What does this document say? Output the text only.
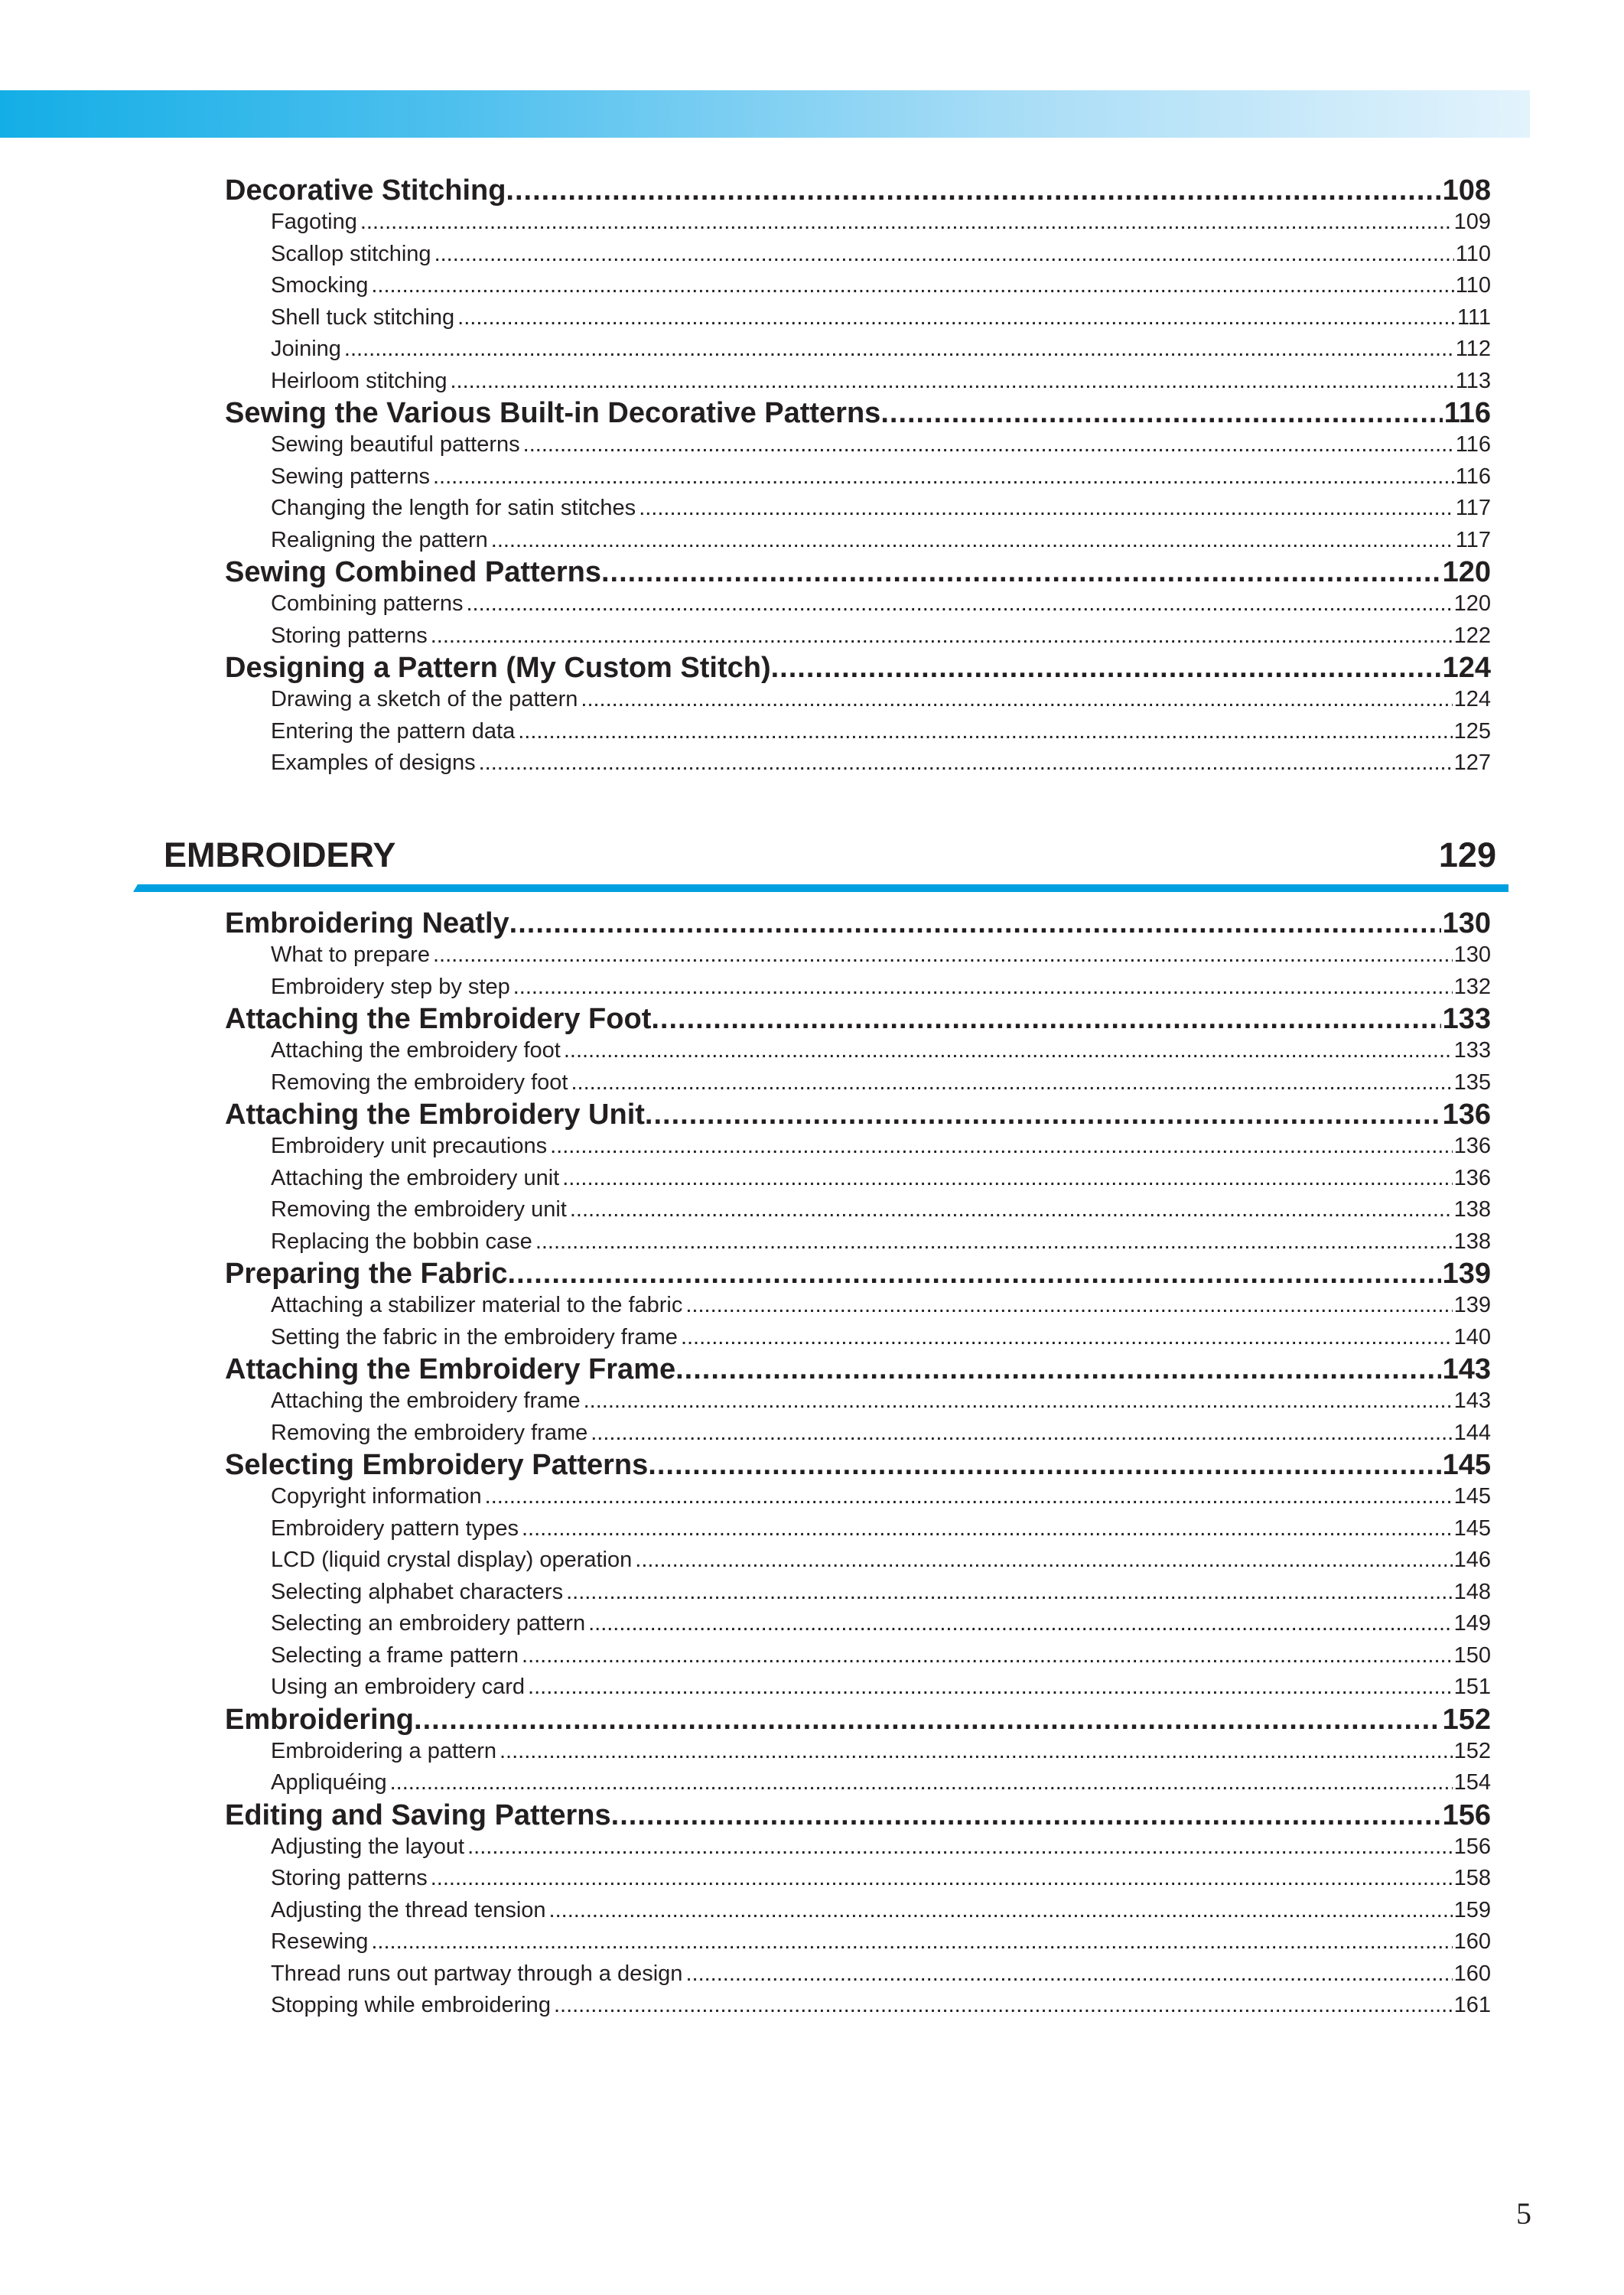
Decorative Stitching .....	108
Fagoting .....	109
Scallop stitching .....	110
Smocking .....	110
Shell tuck stitching .....	111
Joining .....	112
Heirloom stitching .....	113
Sewing the Various Built-in Decorative Patterns .....	116
Sewing beautiful patterns .....	116
Sewing patterns .....	116
Changing the length for satin stitches .....	117
Realigning the pattern .....	117
Sewing Combined Patterns .....	120
Combining patterns .....	120
Storing patterns .....	122
Designing a Pattern (My Custom Stitch) .....	124
Drawing a sketch of the pattern .....	124
Entering the pattern data .....	125
Examples of designs .....	127
EMBROIDERY	129
Embroidering Neatly .....	130
What to prepare .....	130
Embroidery step by step .....	132
Attaching the Embroidery Foot .....	133
Attaching the embroidery foot .....	133
Removing the embroidery foot .....	135
Attaching the Embroidery Unit .....	136
Embroidery unit precautions .....	136
Attaching the embroidery unit .....	136
Removing the embroidery unit .....	138
Replacing the bobbin case .....	138
Preparing the Fabric .....	139
Attaching a stabilizer material to the fabric .....	139
Setting the fabric in the embroidery frame .....	140
Attaching the Embroidery Frame .....	143
Attaching the embroidery frame .....	143
Removing the embroidery frame .....	144
Selecting Embroidery Patterns .....	145
Copyright information .....	145
Embroidery pattern types .....	145
LCD (liquid crystal display) operation .....	146
Selecting alphabet characters .....	148
Selecting an embroidery pattern .....	149
Selecting a frame pattern .....	150
Using an embroidery card .....	151
Embroidering .....	152
Embroidering a pattern .....	152
Appliquéing .....	154
Editing and Saving Patterns .....	156
Adjusting the layout .....	156
Storing patterns .....	158
Adjusting the thread tension .....	159
Resewing .....	160
Thread runs out partway through a design .....	160
Stopping while embroidering .....	161
5
